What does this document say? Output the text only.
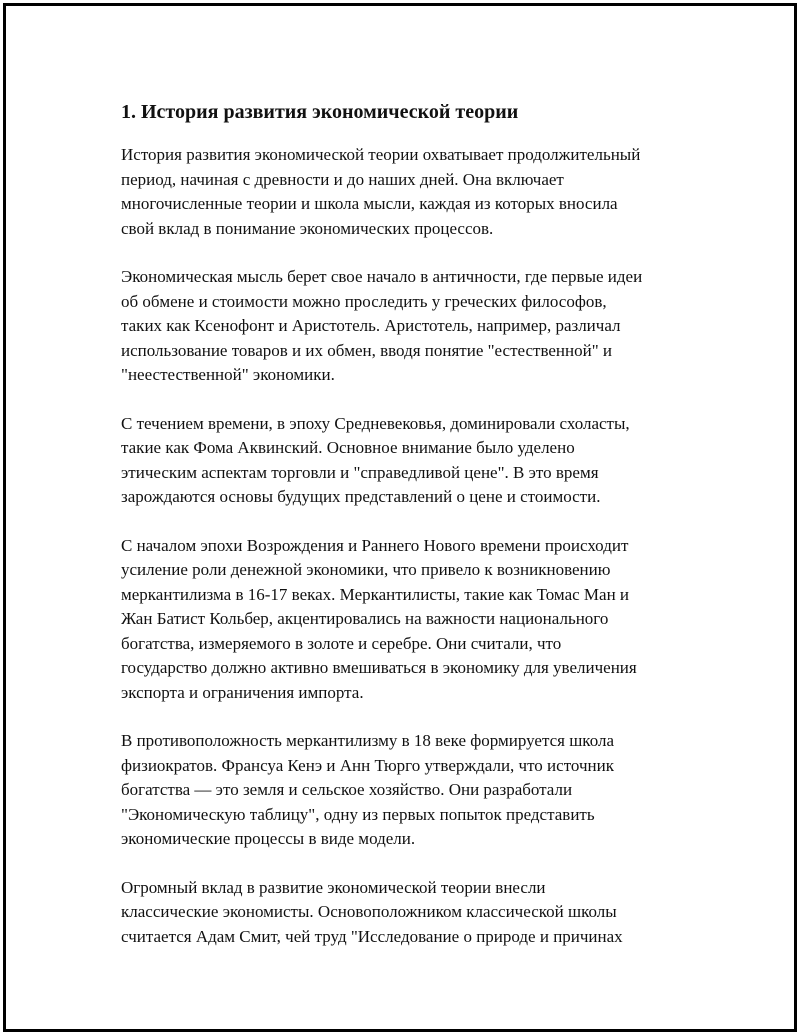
1. История развития экономической теории
История развития экономической теории охватывает продолжительный
период, начиная с древности и до наших дней. Она включает
многочисленные теории и школа мысли, каждая из которых вносила
свой вклад в понимание экономических процессов.
Экономическая мысль берет свое начало в античности, где первые идеи
об обмене и стоимости можно проследить у греческих философов,
таких как Ксенофонт и Аристотель. Аристотель, например, различал
использование товаров и их обмен, вводя понятие "естественной" и
"неестественной" экономики.
С течением времени, в эпоху Средневековья, доминировали схоласты,
такие как Фома Аквинский. Основное внимание было уделено
этическим аспектам торговли и "справедливой цене". В это время
зарождаются основы будущих представлений о цене и стоимости.
С началом эпохи Возрождения и Раннего Нового времени происходит
усиление роли денежной экономики, что привело к возникновению
меркантилизма в 16-17 веках. Меркантилисты, такие как Томас Ман и
Жан Батист Кольбер, акцентировались на важности национального
богатства, измеряемого в золоте и серебре. Они считали, что
государство должно активно вмешиваться в экономику для увеличения
экспорта и ограничения импорта.
В противоположность меркантилизму в 18 веке формируется школа
физиократов. Франсуа Кенэ и Анн Тюрго утверждали, что источник
богатства — это земля и сельское хозяйство. Они разработали
"Экономическую таблицу", одну из первых попыток представить
экономические процессы в виде модели.
Огромный вклад в развитие экономической теории внесли
классические экономисты. Основоположником классической школы
считается Адам Смит, чей труд "Исследование о природе и причинах
